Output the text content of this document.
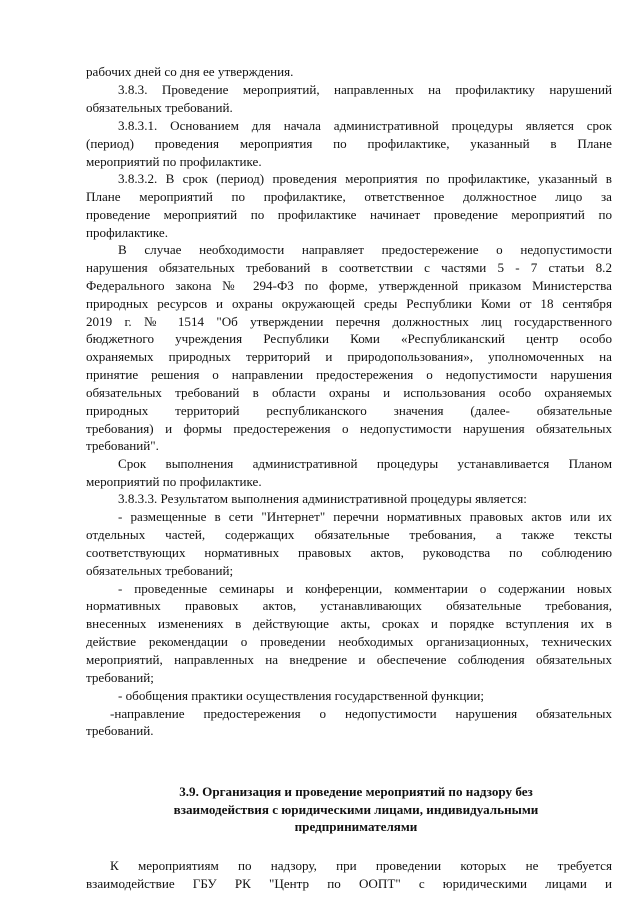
рабочих дней со дня ее утверждения.
3.8.3. Проведение мероприятий, направленных на профилактику нарушений
обязательных требований.
3.8.3.1. Основанием для начала административной процедуры является срок
(период) проведения мероприятия по профилактике, указанный в Плане
мероприятий по профилактике.
3.8.3.2. В срок (период) проведения мероприятия по профилактике, указанный в
Плане мероприятий по профилактике, ответственное должностное лицо за
проведение мероприятий по профилактике начинает проведение мероприятий по
профилактике.
В случае необходимости направляет предостережение о недопустимости
нарушения обязательных требований в соответствии с частями 5 - 7 статьи 8.2
Федерального закона № 294-ФЗ по форме, утвержденной приказом Министерства
природных ресурсов и охраны окружающей среды Республики Коми от 18 сентября
2019 г. № 1514 "Об утверждении перечня должностных лиц государственного
бюджетного учреждения Республики Коми «Республиканский центр особо
охраняемых природных территорий и природопользования», уполномоченных на
принятие решения о направлении предостережения о недопустимости нарушения
обязательных требований в области охраны и использования особо охраняемых
природных территорий республиканского значения (далее- обязательные
требования) и формы предостережения о недопустимости нарушения обязательных
требований".
Срок выполнения административной процедуры устанавливается Планом
мероприятий по профилактике.
3.8.3.3. Результатом выполнения административной процедуры является:
- размещенные в сети "Интернет" перечни нормативных правовых актов или их
отдельных частей, содержащих обязательные требования, а также тексты
соответствующих нормативных правовых актов, руководства по соблюдению
обязательных требований;
- проведенные семинары и конференции, комментарии о содержании новых
нормативных правовых актов, устанавливающих обязательные требования,
внесенных изменениях в действующие акты, сроках и порядке вступления их в
действие рекомендации о проведении необходимых организационных, технических
мероприятий, направленных на внедрение и обеспечение соблюдения обязательных
требований;
- обобщения практики осуществления государственной функции;
-направление предостережения о недопустимости нарушения обязательных
требований.
3.9. Организация и проведение мероприятий по надзору без
взаимодействия с юридическими лицами, индивидуальными
предпринимателями
К мероприятиям по надзору, при проведении которых не требуется
взаимодействие ГБУ РК "Центр по ООПТ" с юридическими лицами и
